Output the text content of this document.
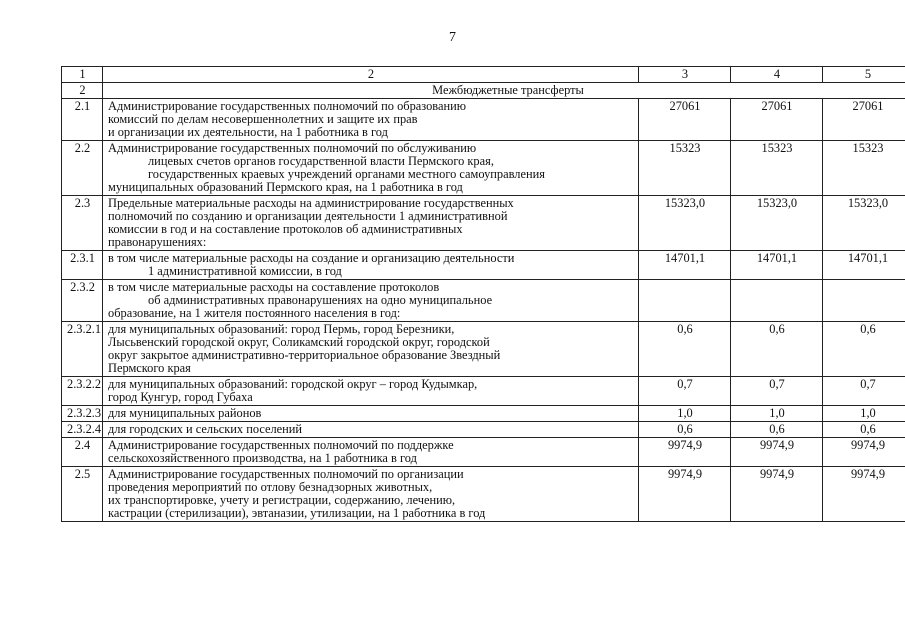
7
1	2	3	4	5
2	Межбюджетные трансферты			
2.1	Администрирование государственных полномочий по образованию
комиссий по делам несовершеннолетних и защите их прав
и организации их деятельности, на 1 работника в год	27061	27061	27061
2.2	Администрирование государственных полномочий по обслуживанию
лицевых счетов органов государственной власти Пермского края,
государственных краевых учреждений органами местного самоуправления
муниципальных образований Пермского края, на 1 работника в год	15323	15323	15323
2.3	Предельные материальные расходы на администрирование государственных
полномочий по созданию и организации деятельности 1 административной
комиссии в год и на составление протоколов об административных
правонарушениях:	15323,0	15323,0	15323,0
2.3.1	в том числе материальные расходы на создание и организацию деятельности
1 административной комиссии, в год	14701,1	14701,1	14701,1
2.3.2	в том числе материальные расходы на составление протоколов
об административных правонарушениях на одно муниципальное
образование, на 1 жителя постоянного населения в год:			

2.3.2.1	для муниципальных образований: город Пермь, город Березники,
Лысьвенский городской округ, Соликамский городской округ, городской
округ закрытое административно-территориальное образование Звездный
Пермского края	0,6	0,6	0,6
2.3.2.2	для муниципальных образований: городской округ – город Кудымкар,
город Кунгур, город Губаха	0,7	0,7	0,7
2.3.2.3	для муниципальных районов	1,0	1,0	1,0
2.3.2.4	для городских и сельских поселений	0,6	0,6	0,6
2.4	Администрирование государственных полномочий по поддержке
сельскохозяйственного производства, на 1 работника в год	9974,9	9974,9	9974,9
2.5	Администрирование государственных полномочий по организации
проведения мероприятий по отлову безнадзорных животных,
их транспортировке, учету и регистрации, содержанию, лечению,
кастрации (стерилизации), эвтаназии, утилизации, на 1 работника в год	9974,9	9974,9	9974,9
